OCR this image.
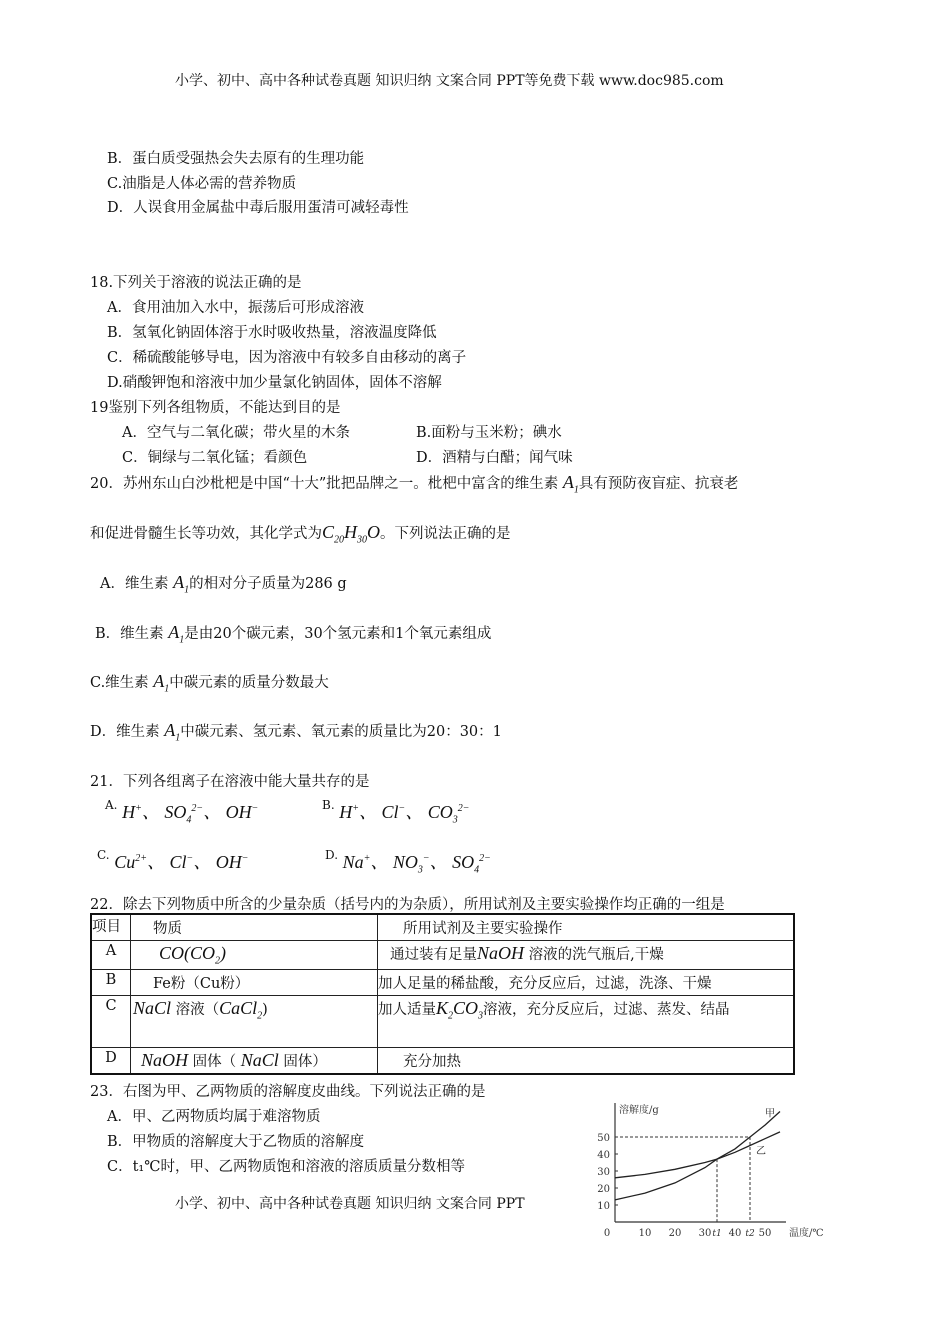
小学、初中、高中各种试卷真题 知识归纳 文案合同 PPT等免费下载 www.doc985.com
B．蛋白质受强热会失去原有的生理功能
C.油脂是人体必需的营养物质
D．人误食用金属盐中毒后服用蛋清可减轻毒性
18.下列关于溶液的说法正确的是
A．食用油加入水中，振荡后可形成溶液
B．氢氧化钠固体溶于水时吸收热量，溶液温度降低
C．稀硫酸能够导电，因为溶液中有较多自由移动的离子
D.硝酸钾饱和溶液中加少量氯化钠固体，固体不溶解
19鉴别下列各组物质，不能达到目的是
A．空气与二氧化碳；带火星的木条	B.面粉与玉米粉；碘水
C．铜绿与二氧化锰；看颜色	D．酒精与白醋；闻气味
20．苏州东山白沙枇杷是中国“十大”批把品牌之一。枇杷中富含的维生素 $A_1$具有预防夜盲症、抗衰老
和促进骨髓生长等功效，其化学式为$C_{20}H_{30}O$。下列说法正确的是
A．维生素 $A_1$的相对分子质量为286 g
B．维生素 $A_1$是由20个碳元素，30个氢元素和1个氧元素组成
C.维生素 $A_1$中碳元素的质量分数最大
D．维生素 $A_1$中碳元素、氢元素、氧元素的质量比为20：30：1
21．下列各组离子在溶液中能大量共存的是
$^{A.}$ H+、 $SO_4^{2-}$、 OH−	$^{B.}$ H+、 Cl−、 $CO_3^{2-}$
$^{C.}$ $Cu^{2+}$、 Cl−、 OH−	$^{D.}$ Na+、 $NO_3^-$、 $SO_4^{2-}$
22．除去下列物质中所含的少量杂质（括号内的为杂质），所用试剂及主要实验操作均正确的一组是
项目	物质	所用试剂及主要实验操作
A	$CO(CO_2)$	通过装有足量NaOH 溶液的洗气瓶后,干燥
B	Fe粉（Cu粉）	加人足量的稀盐酸，充分反应后，过滤，洗涤、干燥
C	NaCl 溶液（CaCl$_2$)	加人适量$K_2CO_3$溶液，充分反应后，过滤、蒸发、结晶
D	NaOH 固体（ NaCl 固体）	充分加热
23．右图为甲、乙两物质的溶解度皮曲线。下列说法正确的是
A．甲、乙两物质均属于难溶物质
B．甲物质的溶解度大于乙物质的溶解度
C．t₁℃时，甲、乙两物质饱和溶液的溶质质量分数相等
小学、初中、高中各种试卷真题 知识归纳 文案合同 PPT
溶解度/g
温度/℃
10
20
30
40
50
0	10 20 30 t1 40 t2 50
甲
乙
